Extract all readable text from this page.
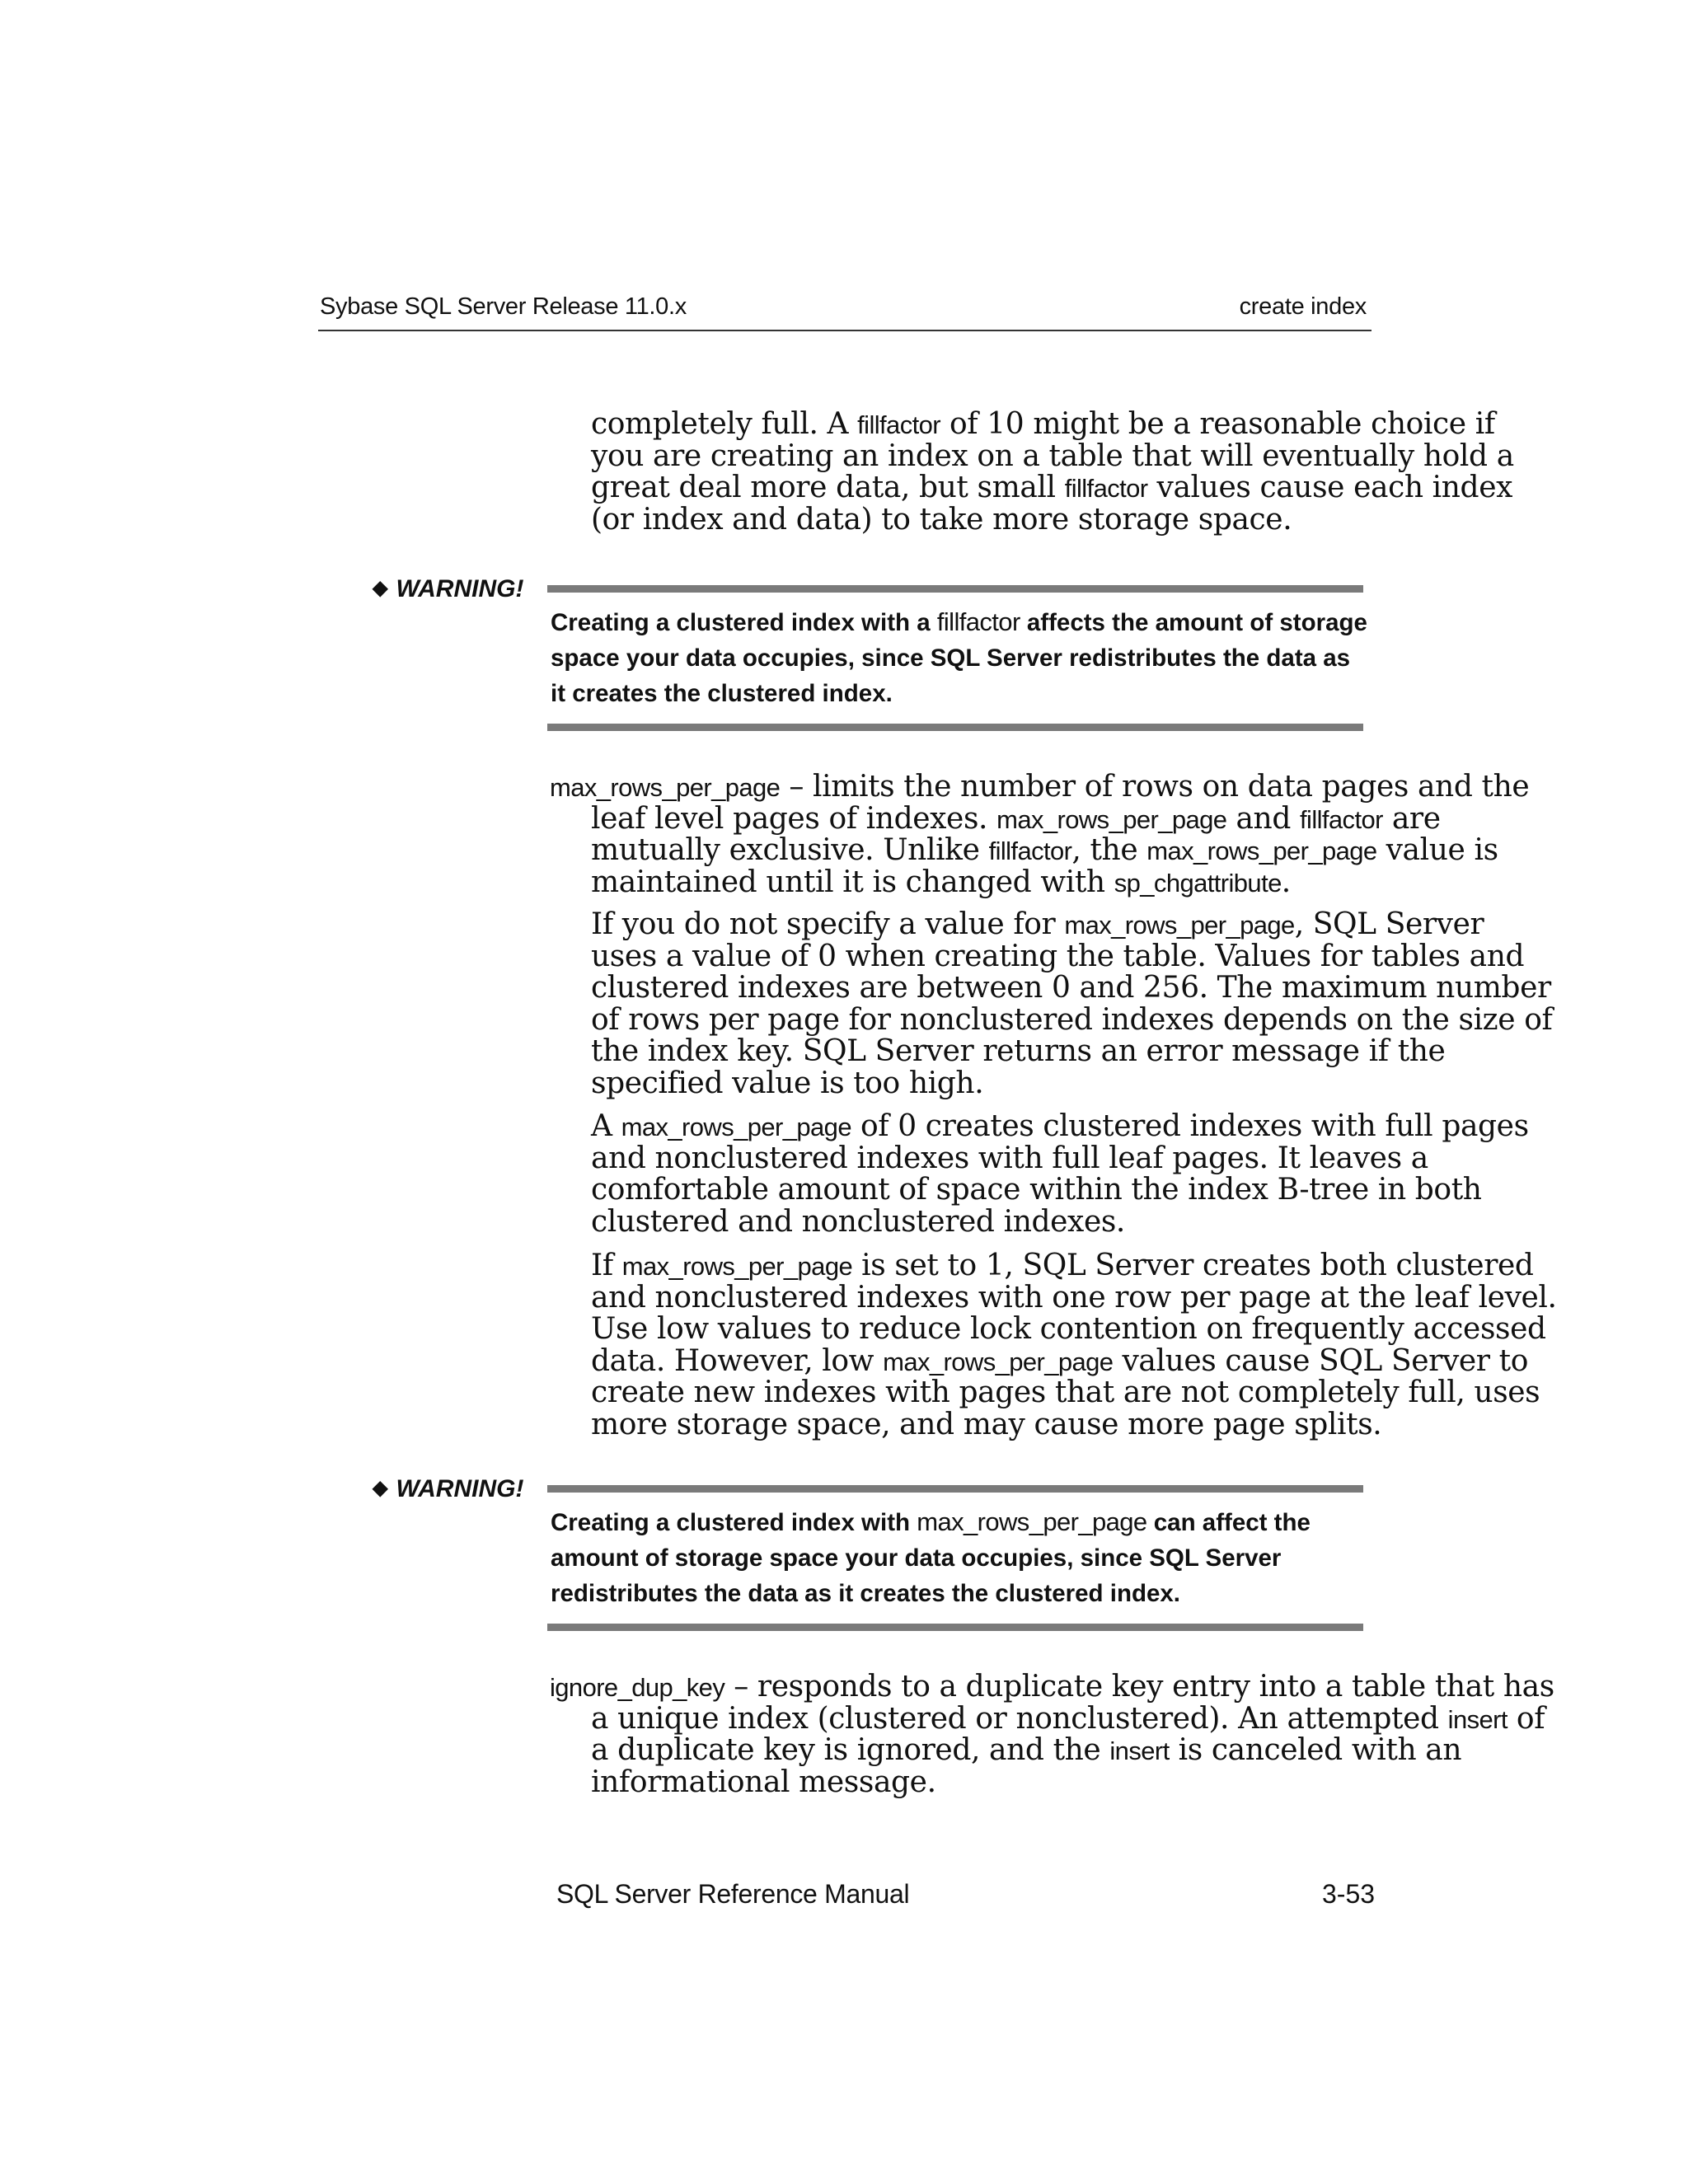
Sybase SQL Server Release 11.0.x	create index
completely full. A fillfactor of 10 might be a reasonable choice if
you are creating an index on a table that will eventually hold a
great deal more data, but small fillfactor values cause each index
(or index and data) to take more storage space.
◆ WARNING!
Creating a clustered index with a fillfactor affects the amount of storage
space your data occupies, since SQL Server redistributes the data as
it creates the clustered index.
max_rows_per_page – limits the number of rows on data pages and the
leaf level pages of indexes. max_rows_per_page and fillfactor are
mutually exclusive. Unlike fillfactor, the max_rows_per_page value is
maintained until it is changed with sp_chgattribute.
If you do not specify a value for max_rows_per_page, SQL Server
uses a value of 0 when creating the table. Values for tables and
clustered indexes are between 0 and 256. The maximum number
of rows per page for nonclustered indexes depends on the size of
the index key. SQL Server returns an error message if the
specified value is too high.
A max_rows_per_page of 0 creates clustered indexes with full pages
and nonclustered indexes with full leaf pages. It leaves a
comfortable amount of space within the index B-tree in both
clustered and nonclustered indexes.
If max_rows_per_page is set to 1, SQL Server creates both clustered
and nonclustered indexes with one row per page at the leaf level.
Use low values to reduce lock contention on frequently accessed
data. However, low max_rows_per_page values cause SQL Server to
create new indexes with pages that are not completely full, uses
more storage space, and may cause more page splits.
◆ WARNING!
Creating a clustered index with max_rows_per_page can affect the
amount of storage space your data occupies, since SQL Server
redistributes the data as it creates the clustered index.
ignore_dup_key – responds to a duplicate key entry into a table that has
a unique index (clustered or nonclustered). An attempted insert of
a duplicate key is ignored, and the insert is canceled with an
informational message.
SQL Server Reference Manual	3-53
